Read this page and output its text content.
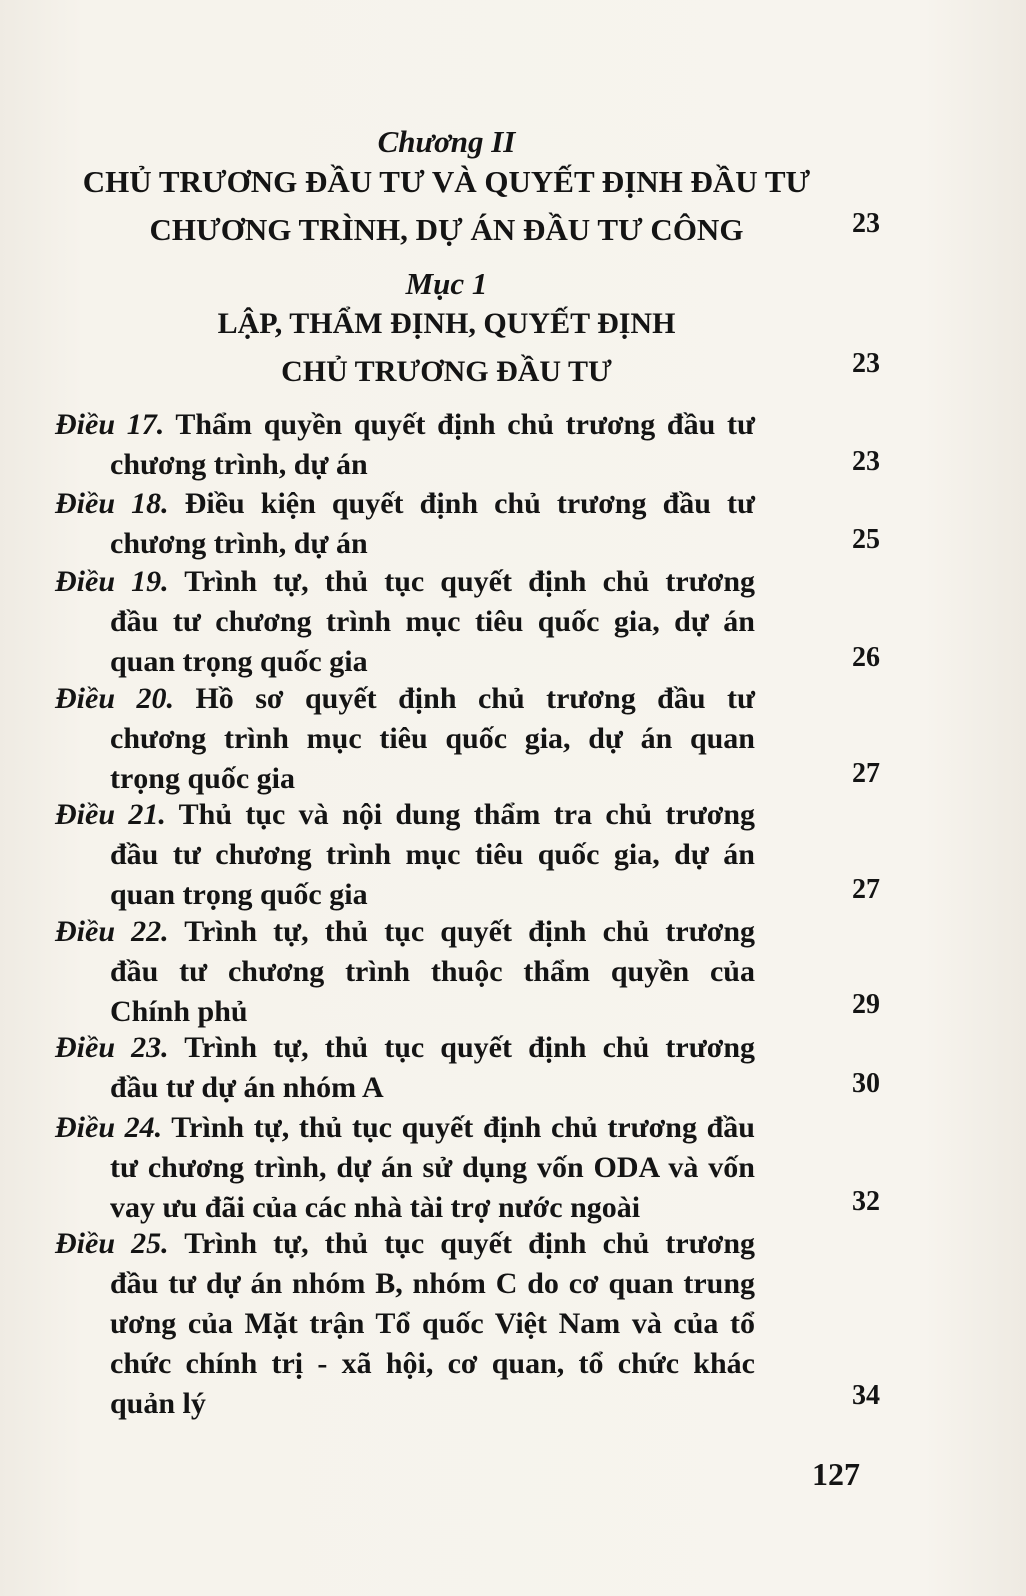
Chương II
CHỦ TRƯƠNG ĐẦU TƯ VÀ QUYẾT ĐỊNH ĐẦU TƯ
CHƯƠNG TRÌNH, DỰ ÁN ĐẦU TƯ CÔNG	23
Mục 1
LẬP, THẨM ĐỊNH, QUYẾT ĐỊNH
CHỦ TRƯƠNG ĐẦU TƯ	23
Điều 17. Thẩm quyền quyết định chủ trương đầu tư
chương trình, dự án	23
Điều 18. Điều kiện quyết định chủ trương đầu tư
chương trình, dự án	25
Điều 19. Trình tự, thủ tục quyết định chủ trương
đầu tư chương trình mục tiêu quốc gia, dự án
quan trọng quốc gia	26
Điều 20. Hồ sơ quyết định chủ trương đầu tư
chương trình mục tiêu quốc gia, dự án quan
trọng quốc gia	27
Điều 21. Thủ tục và nội dung thẩm tra chủ trương
đầu tư chương trình mục tiêu quốc gia, dự án
quan trọng quốc gia	27
Điều 22. Trình tự, thủ tục quyết định chủ trương
đầu tư chương trình thuộc thẩm quyền của
Chính phủ	29
Điều 23. Trình tự, thủ tục quyết định chủ trương
đầu tư dự án nhóm A	30
Điều 24. Trình tự, thủ tục quyết định chủ trương đầu
tư chương trình, dự án sử dụng vốn ODA và vốn
vay ưu đãi của các nhà tài trợ nước ngoài	32
Điều 25. Trình tự, thủ tục quyết định chủ trương
đầu tư dự án nhóm B, nhóm C do cơ quan trung
ương của Mặt trận Tổ quốc Việt Nam và của tổ
chức chính trị - xã hội, cơ quan, tổ chức khác
quản lý	34
127
